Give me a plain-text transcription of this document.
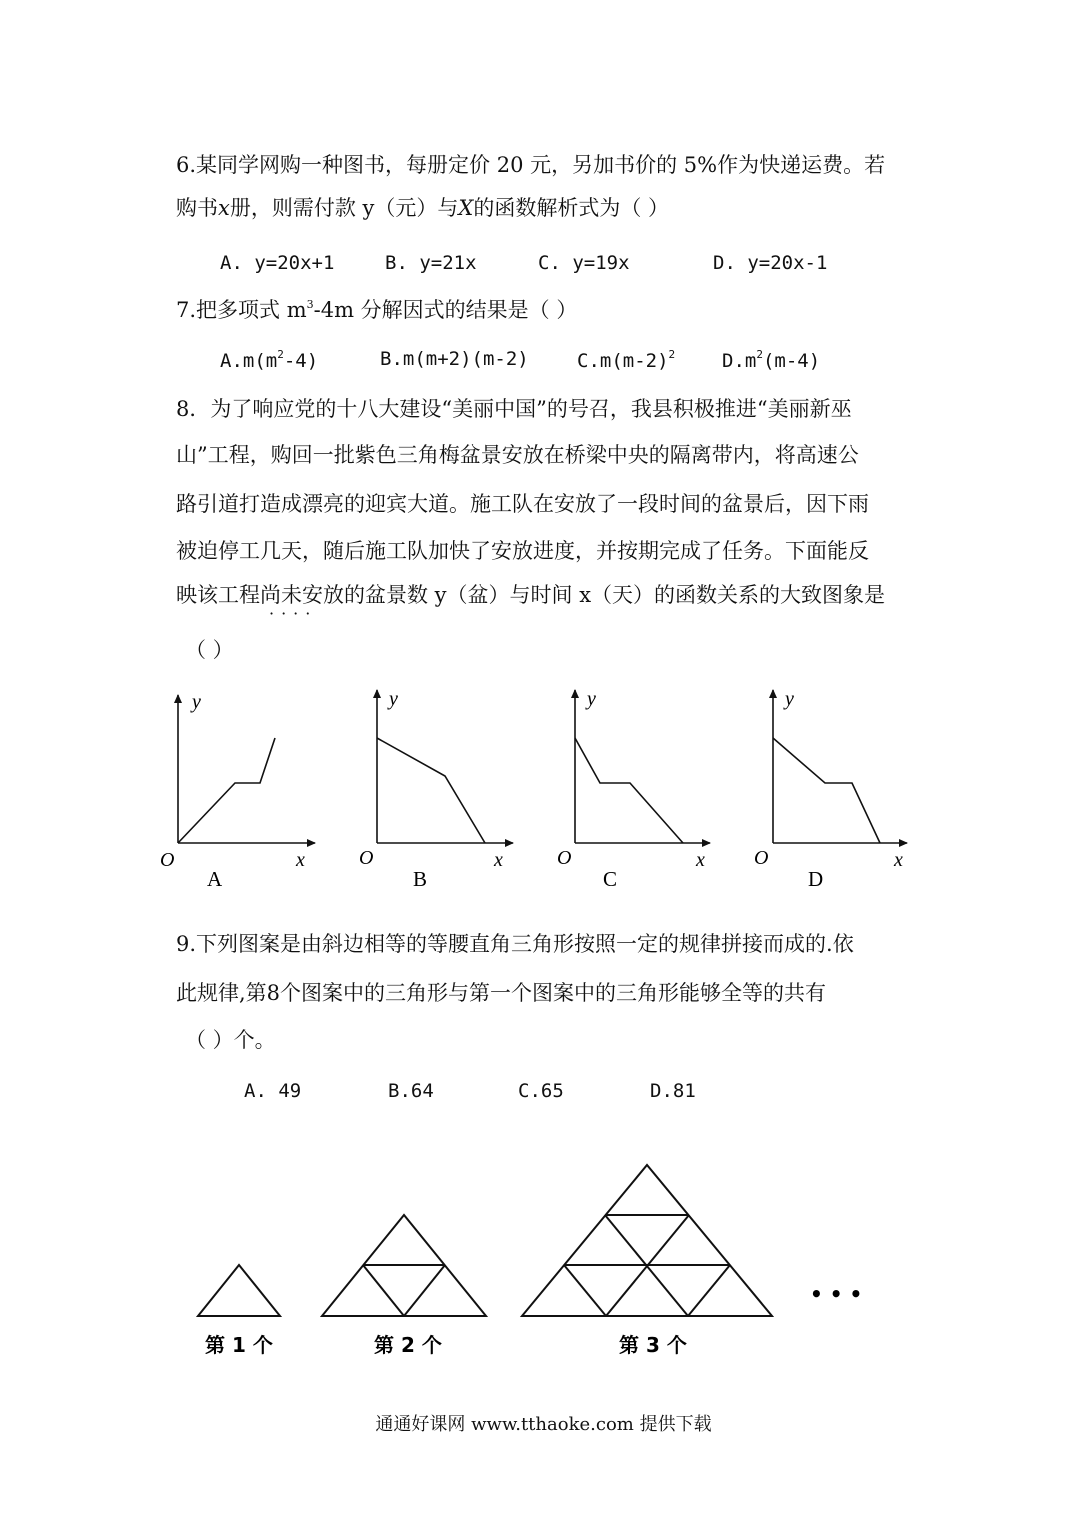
6.某同学网购一种图书，每册定价 20 元，另加书价的 5%作为快递运费。若
购书x册，则需付款 y（元）与X的函数解析式为（ ）
A. y=20x+1	B. y=21x	C. y=19x	D. y=20x-1
7.把多项式 $m^3-4m$ 分解因式的结果是（ ）
$A.m(m^2-4)$	B.m(m+2)(m-2)	$C.m(m-2)^2$ $D.m^2(m-4)$
8．为了响应党的十八大建设“美丽中国”的号召，我县积极推进“美丽新巫
山”工程，购回一批紫色三角梅盆景安放在桥梁中央的隔离带内，将高速公
路引道打造成漂亮的迎宾大道。施工队在安放了一段时间的盆景后，因下雨
被迫停工几天，随后施工队加快了安放进度，并按期完成了任务。下面能反
映该工程尚未安放的盆景数 y（盆）与时间 x（天）的函数关系的大致图象是
····
（ ）
y
x
O
A
y
x
O
B
y
x
O
C
y
x
O
D
第 1 个	第 2 个	第 3 个
• • •
9.下列图案是由斜边相等的等腰直角三角形按照一定的规律拼接而成的.依
此规律,第8个图案中的三角形与第一个图案中的三角形能够全等的共有
（ ）个。
A. 49	B.64	C.65	D.81
通通好课网 www.tthaoke.com 提供下载
